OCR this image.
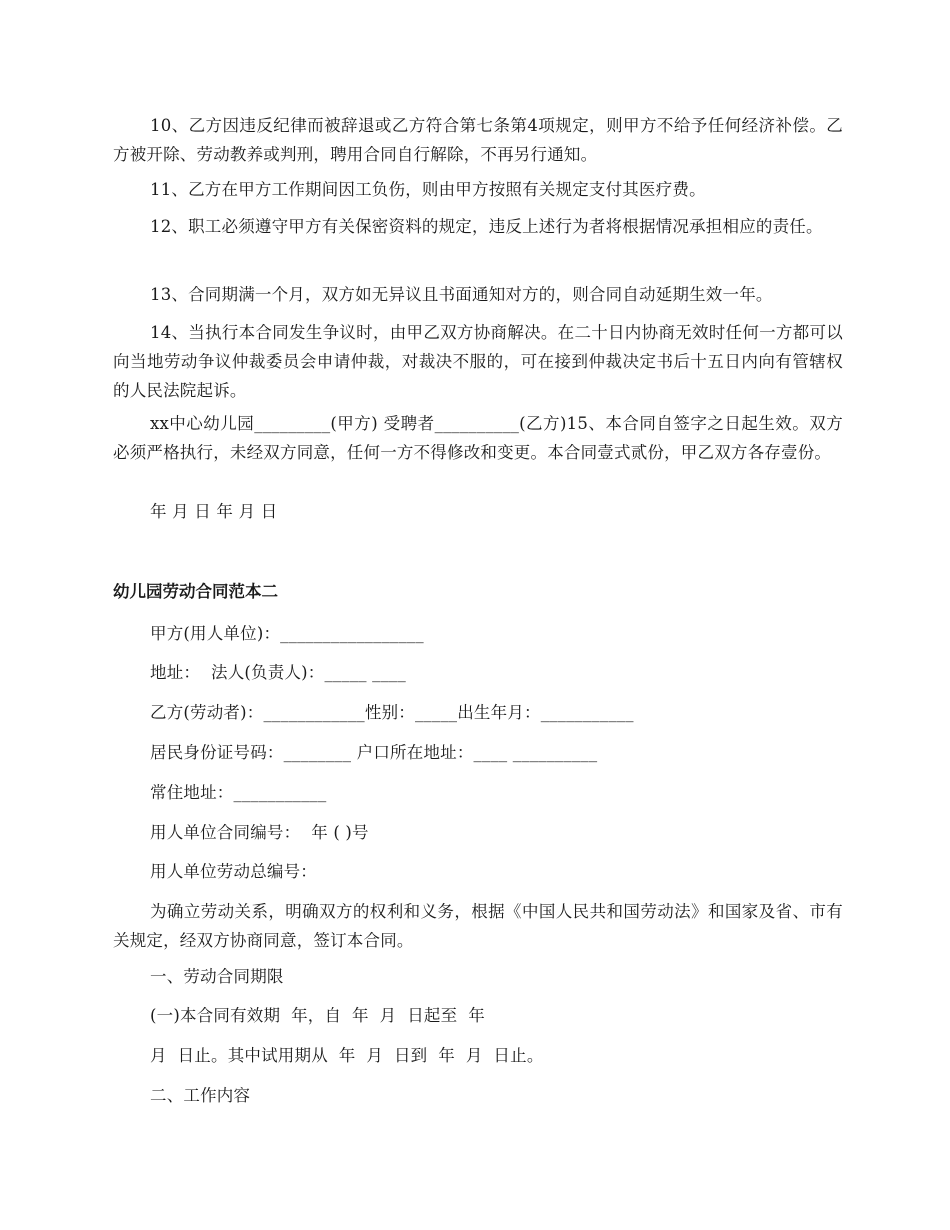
10、乙方因违反纪律而被辞退或乙方符合第七条第4项规定，则甲方不给予任何经济补偿。乙方被开除、劳动教养或判刑，聘用合同自行解除，不再另行通知。

11、乙方在甲方工作期间因工负伤，则由甲方按照有关规定支付其医疗费。

12、职工必须遵守甲方有关保密资料的规定，违反上述行为者将根据情况承担相应的责任。

13、合同期满一个月，双方如无异议且书面通知对方的，则合同自动延期生效一年。

14、当执行本合同发生争议时，由甲乙双方协商解决。在二十日内协商无效时任何一方都可以向当地劳动争议仲裁委员会申请仲裁，对裁决不服的，可在接到仲裁决定书后十五日内向有管辖权的人民法院起诉。

xx中心幼儿园_________(甲方) 受聘者__________(乙方)15、本合同自签字之日起生效。双方必须严格执行，未经双方同意，任何一方不得修改和变更。本合同壹式贰份，甲乙双方各存壹份。

年 月 日 年 月 日

幼儿园劳动合同范本二

甲方(用人单位)：_________________

地址：  法人(负责人)：_____ ____

乙方(劳动者)：____________性别：_____出生年月：___________

居民身份证号码：________ 户口所在地址：____ __________

常住地址：___________

用人单位合同编号：  年 ( )号

用人单位劳动总编号：

为确立劳动关系，明确双方的权利和义务，根据《中国人民共和国劳动法》和国家及省、市有关规定，经双方协商同意，签订本合同。

一、劳动合同期限

(一)本合同有效期  年，自  年  月  日起至  年

月  日止。其中试用期从  年  月  日到  年  月  日止。

二、工作内容
